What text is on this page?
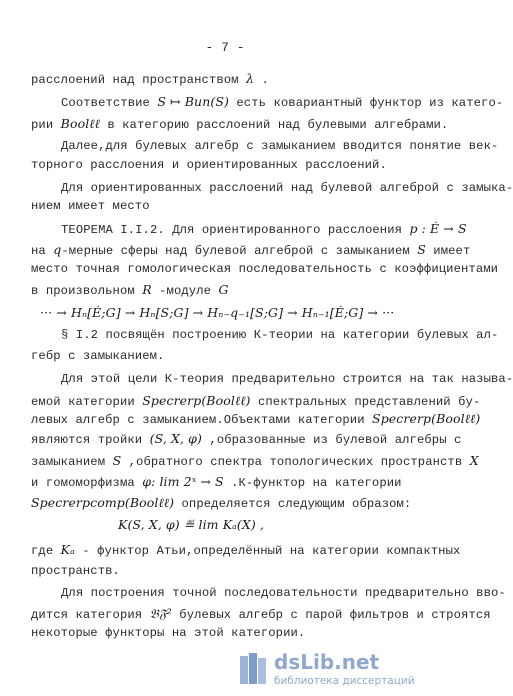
- 7 -
расслоений над пространством λ .
Соответствие S ↦ Bun(S) есть ковариантный функтор из катего-
рии Boolℓℓ в категорию расслоений над булевыми алгебрами.
Далее,для булевых алгебр с замыканием вводится понятие век-
торного расслоения и ориентированных расслоений.
Для ориентированных расслоений над булевой алгеброй с замыка-
нием имеет место
ТЕОРЕМА I.I.2. Для ориентированного расслоения p : Ė → S
на q-мерные сферы над булевой алгеброй с замыканием S имеет
место точная гомологическая последовательность с коэффициентами
в произвольном R -модуле G
··· → Hₙ[Ė;G] → Hₙ[S;G] → Hₙ₋q₋₁[S;G] → Hₙ₋₁[Ė;G] → ···
§ I.2 посвящён построению К-теории на категории булевых ал-
гебр с замыканием.
Для этой цели К-теория предварительно строится на так называ-
емой категории Specrerp(Boolℓℓ) спектральных представлений бу-
левых алгебр с замыканием.Объектами категории Specrerp(Boolℓℓ)
являются тройки (S, X, φ) ,образованные из булевой алгебры с
замыканием S ,обратного спектра топологических пространств X
и гомоморфизма φ: lim 2ˣ → S .К-функтор на категории
Specrerpcomp(Boolℓℓ) определяется следующим образом:
K(S, X, φ) ≝ lim Kₐ(X) ,
где Kₐ - функтор Атьи,определённый на категории компактных
пространств.
Для построения точной последовательности предварительно вво-
дится категория 𝔅𝔉² булевых алгебр с парой фильтров и строятся
некоторые функторы на этой категории.
dsLib.net
библиотека диссертаций
